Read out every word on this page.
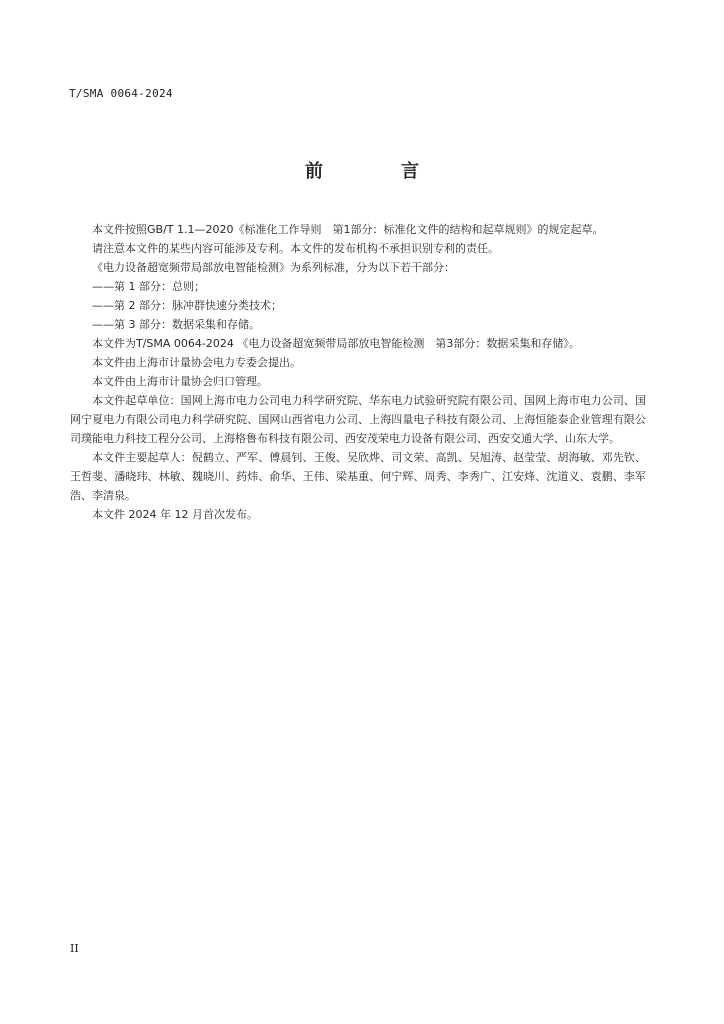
T/SMA 0064-2024
前　言

本文件按照GB/T 1.1—2020《标准化工作导则　第1部分：标准化文件的结构和起草规则》的规定起草。

请注意本文件的某些内容可能涉及专利。本文件的发布机构不承担识别专利的责任。

《电力设备超宽频带局部放电智能检测》为系列标准，分为以下若干部分：

——第 1 部分：总则；

——第 2 部分：脉冲群快速分类技术；

——第 3 部分：数据采集和存储。

本文件为T/SMA 0064-2024 《电力设备超宽频带局部放电智能检测　第3部分：数据采集和存储》。

本文件由上海市计量协会电力专委会提出。

本文件由上海市计量协会归口管理。

本文件起草单位：国网上海市电力公司电力科学研究院、华东电力试验研究院有限公司、国网上海市电力公司、国网宁夏电力有限公司电力科学研究院、国网山西省电力公司、上海四量电子科技有限公司、上海恒能泰企业管理有限公司璞能电力科技工程分公司、上海格鲁布科技有限公司、西安茂荣电力设备有限公司、西安交通大学、山东大学。

本文件主要起草人：倪鹤立、严军、傅晨钊、王俊、吴欣烨、司文荣、高凯、吴旭涛、赵莹莹、胡海敏、邓先钦、王哲斐、潘晓玮、林敏、魏晓川、药炜、俞华、王伟、梁基重、何宁辉、周秀、李秀广、江安烽、沈道义、袁鹏、李军浩、李清泉。

本文件 2024 年 12 月首次发布。

II
